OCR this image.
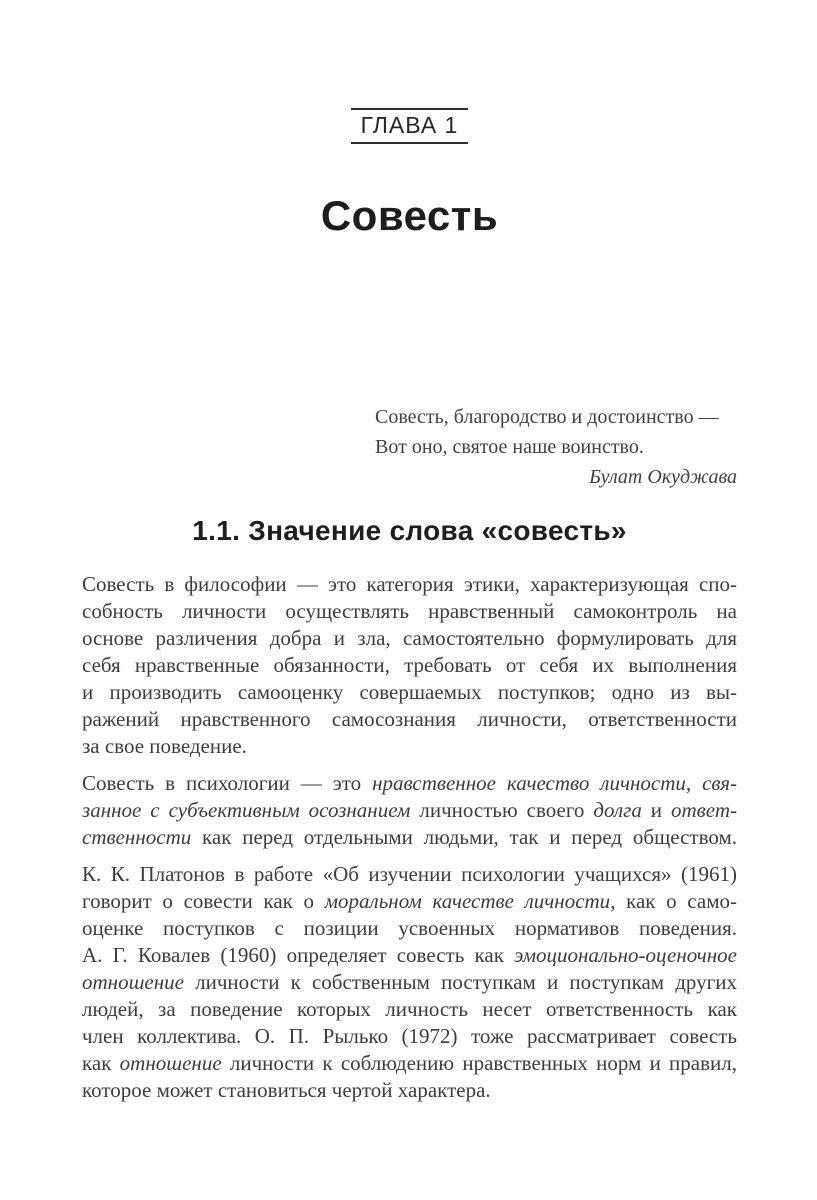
ГЛАВА 1
Совесть
Совесть, благородство и достоинство —
Вот оно, святое наше воинство.
Булат Окуджава
1.1. Значение слова «совесть»
Совесть в философии — это категория этики, характеризующая спо-
собность личности осуществлять нравственный самоконтроль на
основе различения добра и зла, самостоятельно формулировать для
себя нравственные обязанности, требовать от себя их выполнения
и производить самооценку совершаемых поступков; одно из вы-
ражений нравственного самосознания личности, ответственности
за свое поведение.
Совесть в психологии — это нравственное качество личности, свя-
занное с субъективным осознанием личностью своего долга и ответ-
ственности как перед отдельными людьми, так и перед обществом.
К. К. Платонов в работе «Об изучении психологии учащихся» (1961)
говорит о совести как о моральном качестве личности, как о само-
оценке поступков с позиции усвоенных нормативов поведения.
А. Г. Ковалев (1960) определяет совесть как эмоционально-оценочное
отношение личности к собственным поступкам и поступкам других
людей, за поведение которых личность несет ответственность как
член коллектива. О. П. Рылько (1972) тоже рассматривает совесть
как отношение личности к соблюдению нравственных норм и правил,
которое может становиться чертой характера.
